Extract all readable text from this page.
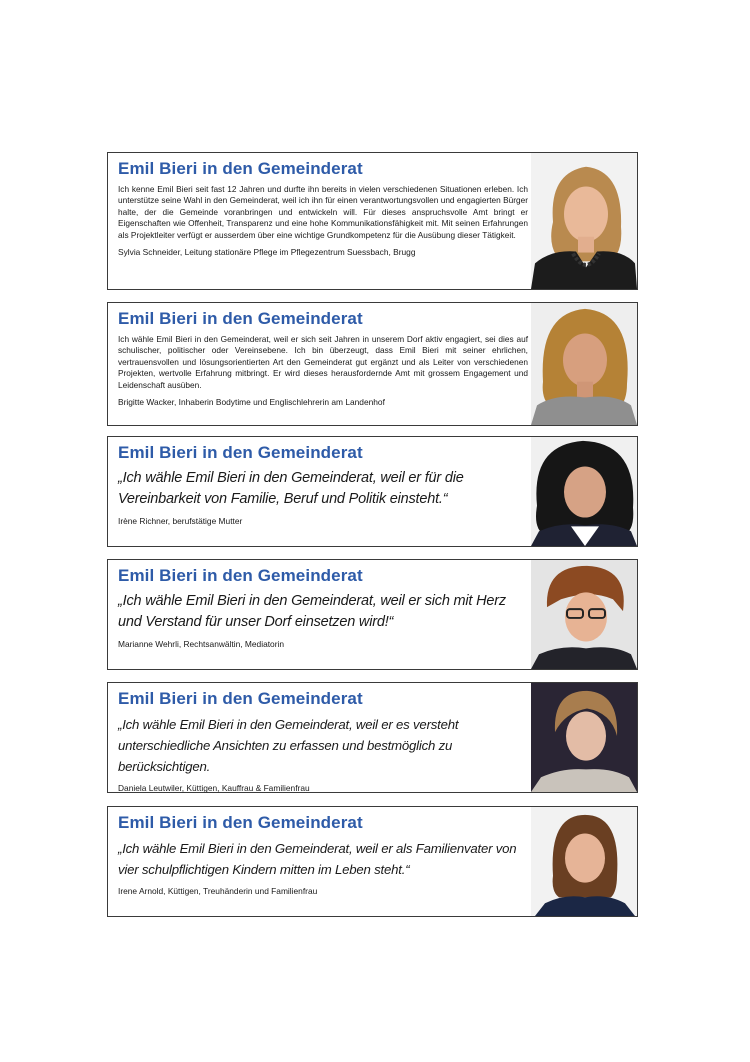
Emil Bieri in den Gemeinderat
Ich kenne Emil Bieri seit fast 12 Jahren und durfte ihn bereits in vielen verschiedenen Situationen erleben. Ich unterstütze seine Wahl in den Gemeinderat, weil ich ihn für einen verantwortungsvollen und engagierten Bürger halte, der die Gemeinde voranbringen und entwickeln will. Für dieses anspruchsvolle Amt bringt er Eigenschaften wie Offenheit, Transparenz und eine hohe Kommunikationsfähigkeit mit. Mit seinen Erfahrungen als Projektleiter verfügt er ausserdem über eine wichtige Grundkompetenz für die Ausübung dieser Tätigkeit.
Sylvia Schneider, Leitung stationäre Pflege im Pflegezentrum Suessbach, Brugg
Emil Bieri in den Gemeinderat
Ich wähle Emil Bieri in den Gemeinderat, weil er sich seit Jahren in unserem Dorf aktiv engagiert, sei dies auf schulischer, politischer oder Vereinsebene. Ich bin überzeugt, dass Emil Bieri mit seiner ehrlichen, vertrauensvollen und lösungsorientierten Art den Gemeinderat gut ergänzt und als Leiter von verschiedenen Projekten, wertvolle Erfahrung mitbringt. Er wird dieses herausfordernde Amt mit grossem Engagement und Leidenschaft ausüben.
Brigitte Wacker, Inhaberin Bodytime und Englischlehrerin am Landenhof
Emil Bieri in den Gemeinderat
„Ich wähle Emil Bieri in den Gemeinderat, weil er für die Vereinbarkeit von Familie, Beruf und Politik einsteht.“
Irène Richner, berufstätige Mutter
Emil Bieri in den Gemeinderat
„Ich wähle Emil Bieri in den Gemeinderat, weil er sich mit Herz und Verstand für unser Dorf einsetzen wird!“
Marianne Wehrli, Rechtsanwältin, Mediatorin
Emil Bieri in den Gemeinderat
„Ich wähle Emil Bieri in den Gemeinderat, weil er es versteht unterschiedliche Ansichten zu erfassen und bestmöglich zu berücksichtigen.
Daniela Leutwiler, Küttigen, Kauffrau & Familienfrau
Emil Bieri in den Gemeinderat
„Ich wähle Emil Bieri in den Gemeinderat, weil er als Familienvater von vier schulpflichtigen Kindern mitten im Leben steht.“
Irene Arnold, Küttigen, Treuhänderin und Familienfrau
